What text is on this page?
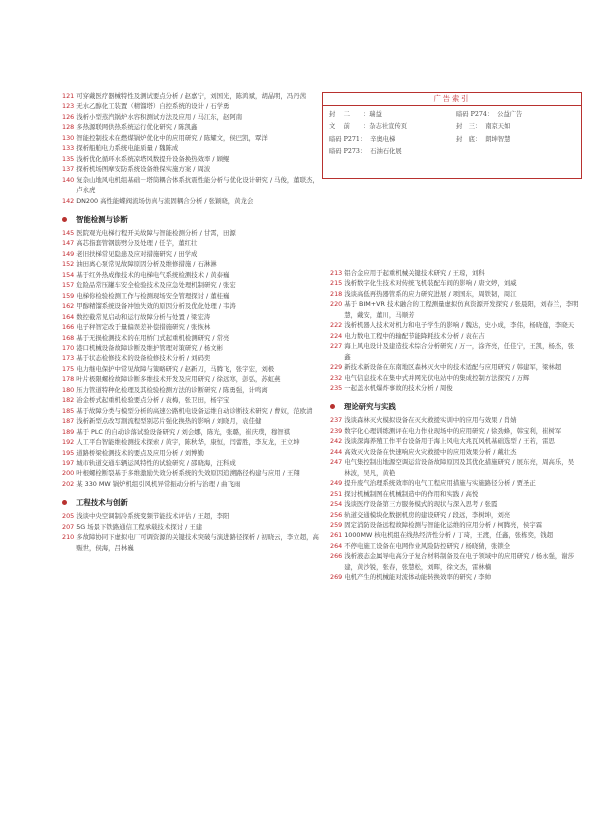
121 可穿戴医疗器械特性及测试要点分析 / 赵嘉宁，刘国光，陈鸿斌，胡晶明，冯丹茜
123 无水乙醇化工装置（精馏塔）自控系统的设计 / 石学勇
126 浅析小型蒸汽锅炉水容积测试方法及应用 / 马江东，赵阿南
128 多热源联网供热系统运行优化研究 / 陈凯鑫
130 智能控制技术在燃煤锅炉优化中的应用研究 / 陈耀文，侯巴凯，覃洋
133 探析船舶电力系统电能质量 / 魏陈成
135 浅析优化循环水系统凉塔风数提升设备换热效率 / 顾鲲
137 探析机场图摩安防系统设备维保实施方案 / 周波
140 复杂山地风电机组基础－塔筒耦合体系抗震性能分析与优化设计研究 / 马俊，董联杰，卢永虎
142 DN200 高性能蝶阀流场仿真与流固耦合分析 / 张颖晓，黄龙会
智能检测与诊断
145 医院观光电梯行程开关故障与智能检测分析 / 甘霄，田源
147 高芯指套管钢筋劈分及处理 / 任芋，董红壮
149 老旧扶梯常见隐患及应对措施研究 / 田学成
152 油田离心泵常见故障原因分析及维修措施 / 石淋淋
154 基于红外热成像技术的电梯电气系统检测技术 / 黄泰巍
157 危险品常压罐车安全检验技术及应急处理机制研究 / 张宏
159 电梯你检验检测工作与检测现场安全管理探讨 / 董桂巍
162 甲醇精馏系统设备冲蚀失效的原因分析及优化处理 / 韦涛
164 数控截常见启动和运行故障分析与处置 / 梁宏涛
166 电子秤智定改于量偏误差补偿措施研究 / 张恢林
168 基于无损检测技术的在用桥门式起重机检测研究 / 常亮
170 港口机械设备故障诊断及维护管理对策研究 / 杨文彬
173 基于状态检修技术的设备检修技术分析 / 刘码奕
175 电力继电保护中常见故障与策略研究 / 赵新刀，马腾飞，张宇宏，刘极
178 叶片极限螺栓故障诊断多维技术开发及应用研究 / 徐远寒，彭弘，苏虹燕
180 压力管道特种化检理及其检验检测方法的诊断研究 / 陈勇强，计鸣离
182 冶金桥式起重机检验要点分析 / 袁梅，张卫田，杨宇宝
185 基于故障分类与模型分析的高速公路机电设备运维自动诊断技术研究 / 曹奴，范欧清
187 浅析新型点改写割流程型别芯片强化换热的影响 / 刘晓月，袁佳健
189 基于 PLC 的自动诊落试验设备研究 / 刘会娜，陈光，张璐，崔庆璞，穆智祺
192 人工平台智能维检测技术探索 / 黄宇，陈秋华，康恒，闫蕾胜，李友龙，王立坤
195 道路桥梁检测技术的要点及应用分析 / 刘博勤
197 城市轨道交通车辆运风特性的试验研究 / 邵晓海，汪科成
200 叶根螺栓断裂基于多维激励失效分析系统的失效原因追溯路径构建与应用 / 王翔
202 某 330 MW 锅炉机组引风机异常振动分析与治理 / 曲飞雨
工程技术与创新
205 浅谈中央空调制冷系统变频节能技术评估 / 王超，李阳
207 5G 场景下铁路通信工程承载技术探讨 / 王建
210 多故障协同下虚拟电厂可调资源的关键技术突破与演进路径探析 / 初晓云，李立超，高赈世，侯海，吕林巍
广告索引
封　二	： 瑞益	暗码 P274： 公益广告
文　前	： 杂志社宣传页	封　三： 南京天如
暗码 P271： 辛奥电梯	封　底： 朗坤智慧
暗码 P273： 石油石化展
213 铝合金应用于起重机械关键技术研究 / 王琼，刘科
215 浅析数字化生技术对传统飞机装配车间的影响 / 唐文婷，刘威
218 浅谈高低再热器管系的应力研究进展 / 项国东，周铁韧，周江
220 基于 BIM+VR 技术融合的工程测量虚拟仿真资源开发探究 / 张晨阳，刘春兰，李明慧，戴安，董川，马顺芳
222 浅析机器人技术对机力和电子学生的影响 / 魏达，史小成，李伟，杨晓莲，李晓天
224 电力数电工程中的输配节能降耗技术分析 / 袁在吉
227 海上风电设计及建造技术综合分析研究 / 万一，涂齐亮，任佳宁，王凯，杨杰，张鑫
229 新技术新设备在东南地区森林灭火中的技术适配与应用研究 / 韩建军，梁林超
232 电气信息技术在集中式并网光伏电站中的集成控制方法探究 / 万辉
235 一起盖水机爆炸事故的技术分析 / 周俊
理论研究与实践
237 浅谈森林灭火模拟设备在灭火救援实训中的应用与效果 / 肖婧
239 数字化心理训练测评在电力作业现场中的应用研究 / 徐劲蜂，韩宝利，崔树军
242 浅谈深海养殖工作平台设备用于海上风电大兆瓦风机基础选型 / 王若，雷思
244 高效灭火设备在快速响应火灾救援中的应用效果分析 / 戴壮杰
247 电气集控制出地源空调运营设备故障原因及其优化措施研究 / 展东亮，周高乐，吴林波，吴凡，黄艳
249 提升废气治理系统效率的电气工程应用措施与实施路径分析 / 贾圣正
251 探讨机械制图在机械制造中的作用和实践 / 高悦
254 浅谈医疗设备第三方服务模式的现状与深入思考 / 张霞
256 轨道交通模块化数据机房的建设研究 / 段远，李树坤，刘亮
259 固定消防设备远程故障检测与智能化运维的应用分析 / 柯腾亮，侯宇霖
261 1000MW 核电机组在线热经济性分析 / 丁琦，王渡，任鑫，张栋奕，钱超
264 不停电施工设备在电网作业风险防控研究 / 杨晓猜，张锁全
266 浅析液态金属导电高分子复合材料制备及在电子领域中的应用研究 / 杨永强，谢莎建，黄沙锐，张春，张慧松，刘晖，徐文杰，雷林楠
269 电机产生的机械能对流体动能转换效率的研究 / 李帅
